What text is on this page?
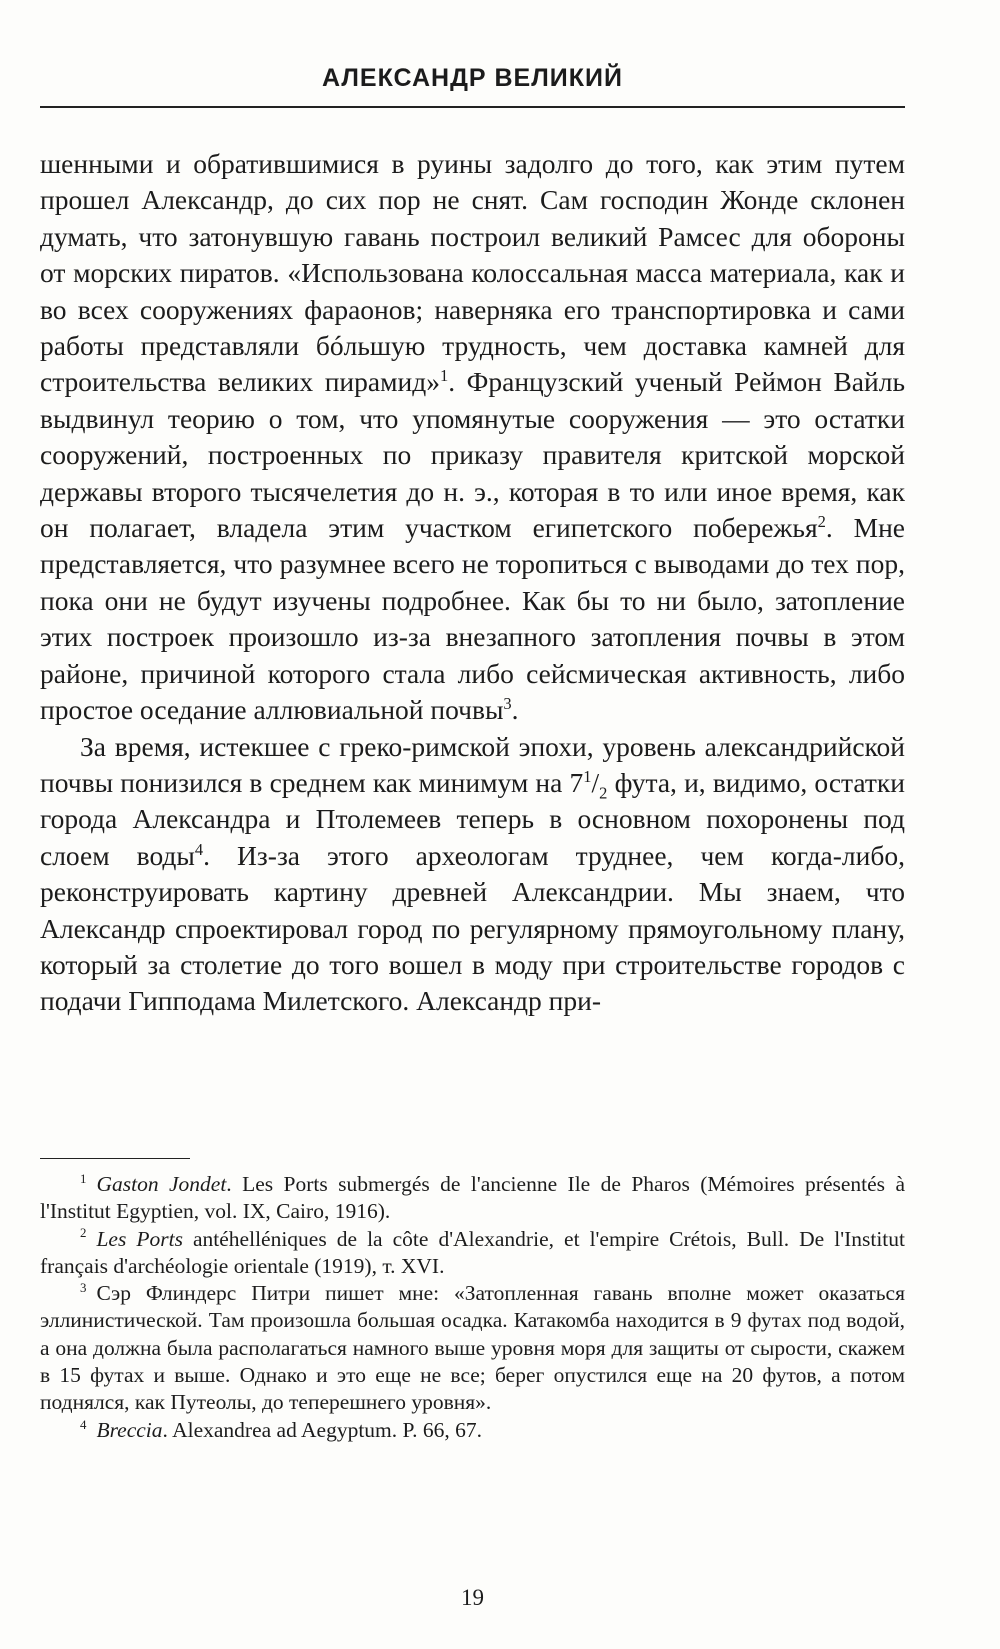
АЛЕКСАНДР ВЕЛИКИЙ

шенными и обратившимися в руины задолго до того, как этим путем прошел Александр, до сих пор не снят. Сам господин Жонде склонен думать, что затонувшую гавань построил великий Рамсес для обороны от морских пиратов. «Использована колоссальная масса материала, как и во всех сооружениях фараонов; наверняка его транспортировка и сами работы представляли бóльшую трудность, чем доставка камней для строительства великих пирамид»$^1$. Французский ученый Реймон Вайль выдвинул теорию о том, что упомянутые сооружения — это остатки сооружений, построенных по приказу правителя критской морской державы второго тысячелетия до н. э., которая в то или иное время, как он полагает, владела этим участком египетского побережья$^2$. Мне представляется, что разумнее всего не торопиться с выводами до тех пор, пока они не будут изучены подробнее. Как бы то ни было, затопление этих построек произошло из-за внезапного затопления почвы в этом районе, причиной которого стала либо сейсмическая активность, либо простое оседание аллювиальной почвы$^3$.

За время, истекшее с греко-римской эпохи, уровень александрийской почвы понизился в среднем как минимум на $7^1/_2$ фута, и, видимо, остатки города Александра и Птолемеев теперь в основном похоронены под слоем воды$^4$. Из-за этого археологам труднее, чем когда-либо, реконструировать картину древней Александрии. Мы знаем, что Александр спроектировал город по регулярному прямоугольному плану, который за столетие до того вошел в моду при строительстве городов с подачи Гипподама Милетского. Александр при-

$^1$ Gaston Jondet. Les Ports submergés de l'ancienne Ile de Pharos (Mémoires présentés à l'Institut Egyptien, vol. IX, Cairo, 1916).

$^2$ Les Ports antéhelléniques de la côte d'Alexandrie, et l'empire Crétois, Bull. De l'Institut français d'archéologie orientale (1919), т. XVI.

$^3$ Сэр Флиндерс Питри пишет мне: «Затопленная гавань вполне может оказаться эллинистической. Там произошла большая осадка. Катакомба находится в 9 футах под водой, а она должна была располагаться намного выше уровня моря для защиты от сырости, скажем в 15 футах и выше. Однако и это еще не все; берег опустился еще на 20 футов, а потом поднялся, как Путеолы, до теперешнего уровня».

$^4$ Breccia. Alexandrea ad Aegyptum. P. 66, 67.

19
